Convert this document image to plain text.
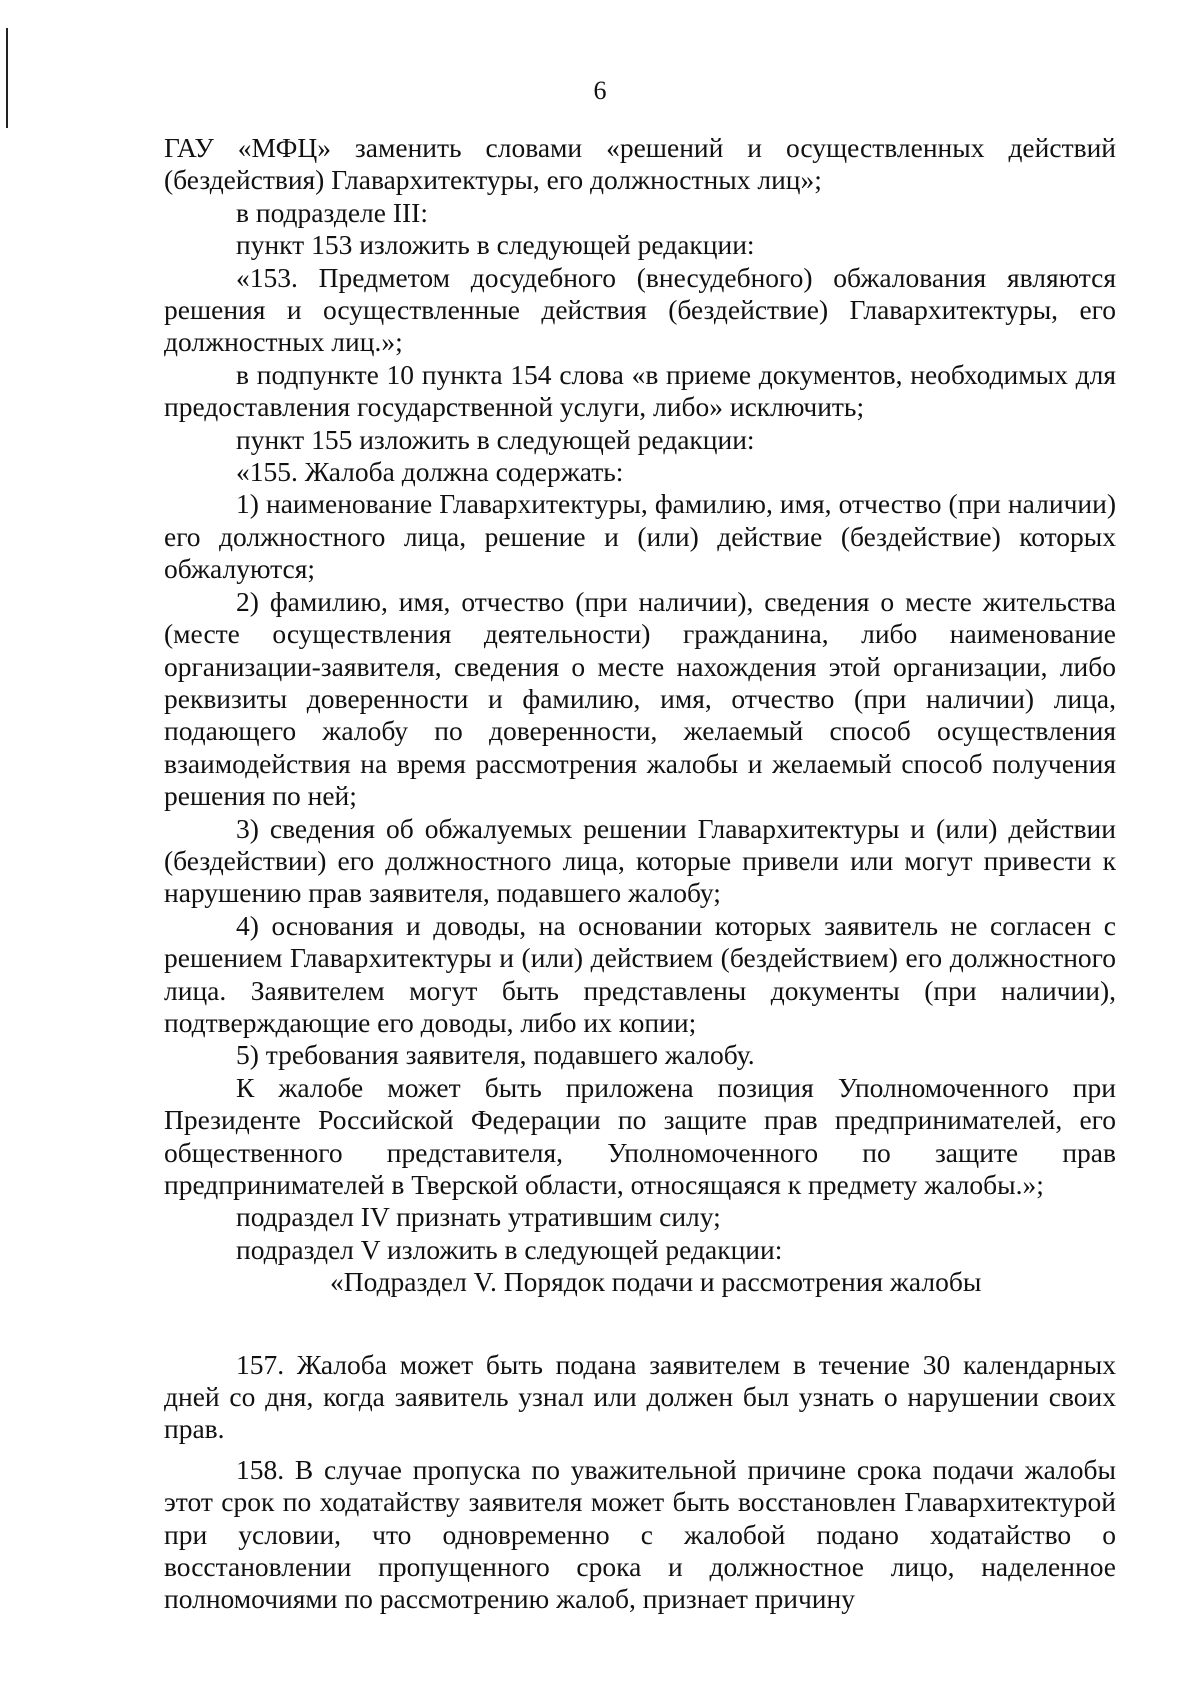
6

ГАУ «МФЦ» заменить словами «решений и осуществленных действий (бездействия) Главархитектуры, его должностных лиц»;

в подразделе III:

пункт 153 изложить в следующей редакции:

«153. Предметом досудебного (внесудебного) обжалования являются решения и осуществленные действия (бездействие) Главархитектуры, его должностных лиц.»;

в подпункте 10 пункта 154 слова «в приеме документов, необходимых для предоставления государственной услуги, либо» исключить;

пункт 155 изложить в следующей редакции:

«155. Жалоба должна содержать:

1) наименование Главархитектуры, фамилию, имя, отчество (при наличии) его должностного лица, решение и (или) действие (бездействие) которых обжалуются;

2) фамилию, имя, отчество (при наличии), сведения о месте жительства (месте осуществления деятельности) гражданина, либо наименование организации-заявителя, сведения о месте нахождения этой организации, либо реквизиты доверенности и фамилию, имя, отчество (при наличии) лица, подающего жалобу по доверенности, желаемый способ осуществления взаимодействия на время рассмотрения жалобы и желаемый способ получения решения по ней;

3) сведения об обжалуемых решении Главархитектуры и (или) действии (бездействии) его должностного лица, которые привели или могут привести к нарушению прав заявителя, подавшего жалобу;

4) основания и доводы, на основании которых заявитель не согласен с решением Главархитектуры и (или) действием (бездействием) его должностного лица. Заявителем могут быть представлены документы (при наличии), подтверждающие его доводы, либо их копии;

5) требования заявителя, подавшего жалобу.

К жалобе может быть приложена позиция Уполномоченного при Президенте Российской Федерации по защите прав предпринимателей, его общественного представителя, Уполномоченного по защите прав предпринимателей в Тверской области, относящаяся к предмету жалобы.»;

подраздел IV признать утратившим силу;

подраздел V изложить в следующей редакции:

«Подраздел V. Порядок подачи и рассмотрения жалобы

157. Жалоба может быть подана заявителем в течение 30 календарных дней со дня, когда заявитель узнал или должен был узнать о нарушении своих прав.

158. В случае пропуска по уважительной причине срока подачи жалобы этот срок по ходатайству заявителя может быть восстановлен Главархитектурой при условии, что одновременно с жалобой подано ходатайство о восстановлении пропущенного срока и должностное лицо, наделенное полномочиями по рассмотрению жалоб, признает причину
